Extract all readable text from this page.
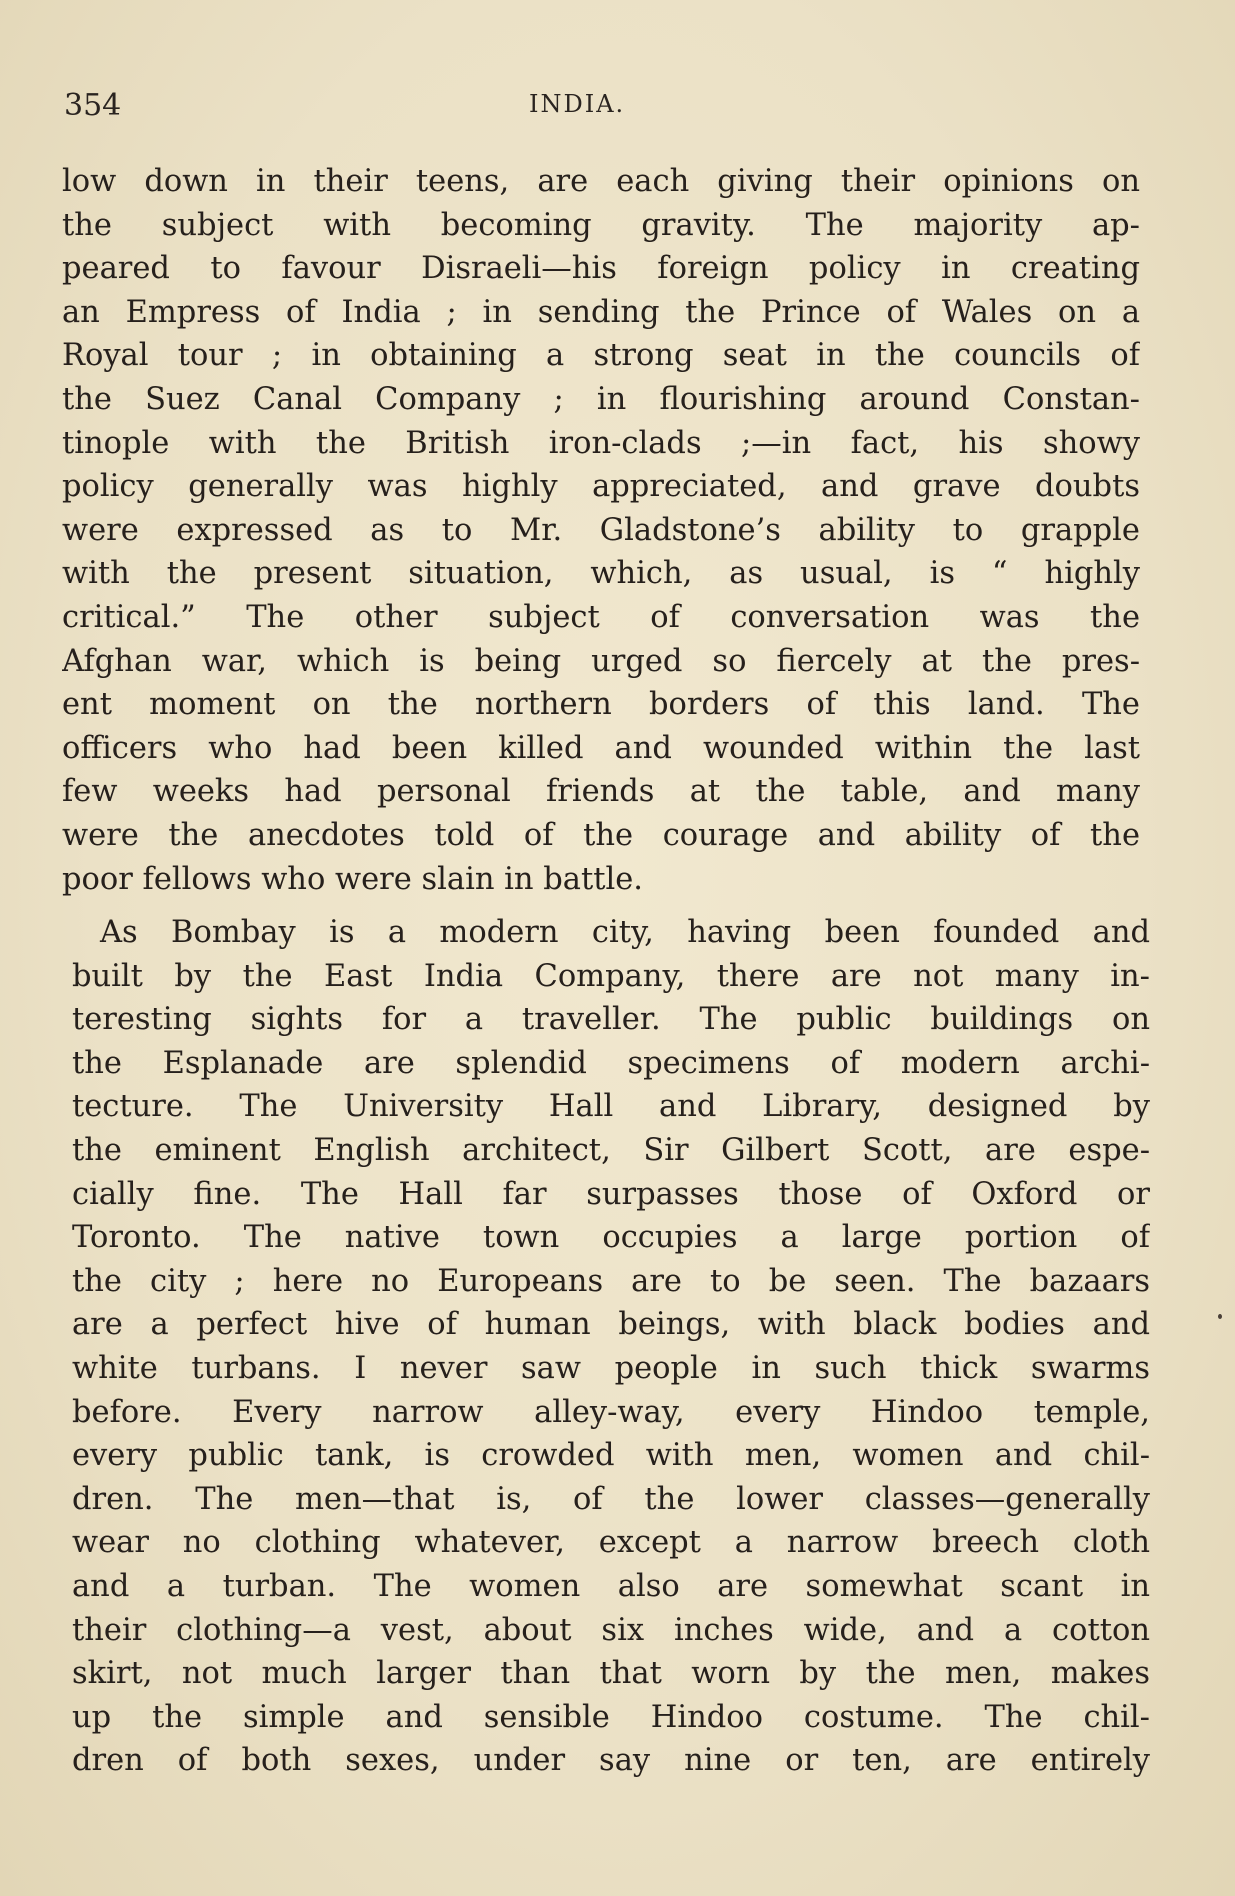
354	INDIA.
low down in their teens, are each giving their opinions on
the subject with becoming gravity. The majority ap-
peared to favour Disraeli—his foreign policy in creating
an Empress of India ; in sending the Prince of Wales on a
Royal tour ; in obtaining a strong seat in the councils of
the Suez Canal Company ; in flourishing around Constan-
tinople with the British iron-clads ;—in fact, his showy
policy generally was highly appreciated, and grave doubts
were expressed as to Mr. Gladstone’s ability to grapple
with the present situation, which, as usual, is “ highly
critical.” The other subject of conversation was the
Afghan war, which is being urged so fiercely at the pres-
ent moment on the northern borders of this land. The
officers who had been killed and wounded within the last
few weeks had personal friends at the table, and many
were the anecdotes told of the courage and ability of the
poor fellows who were slain in battle.
As Bombay is a modern city, having been founded and
built by the East India Company, there are not many in-
teresting sights for a traveller. The public buildings on
the Esplanade are splendid specimens of modern archi-
tecture. The University Hall and Library, designed by
the eminent English architect, Sir Gilbert Scott, are espe-
cially fine. The Hall far surpasses those of Oxford or
Toronto. The native town occupies a large portion of
the city ; here no Europeans are to be seen. The bazaars
are a perfect hive of human beings, with black bodies and
white turbans. I never saw people in such thick swarms
before. Every narrow alley-way, every Hindoo temple,
every public tank, is crowded with men, women and chil-
dren. The men—that is, of the lower classes—generally
wear no clothing whatever, except a narrow breech cloth
and a turban. The women also are somewhat scant in
their clothing—a vest, about six inches wide, and a cotton
skirt, not much larger than that worn by the men, makes
up the simple and sensible Hindoo costume. The chil-
dren of both sexes, under say nine or ten, are entirely
